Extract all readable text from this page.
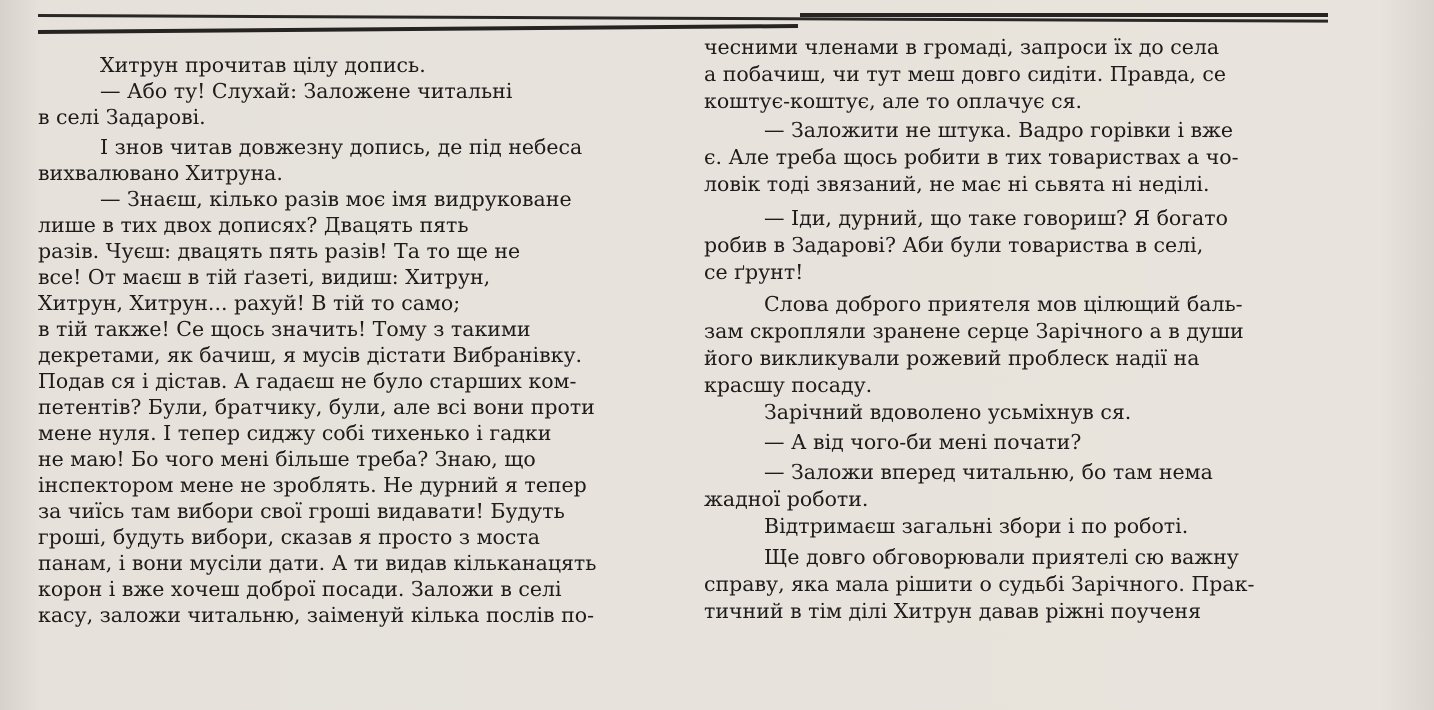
Хитрун прочитав цілу допись.
— Або ту! Слухай: Заложене читальні
в селі Задарові.
І знов читав довжезну допись, де під небеса
вихвалювано Хитруна.
— Знаєш, кілько разів моє імя видруковане
лише в тих двох дописях? Двацять пять
разів. Чуєш: двацять пять разів! Та то ще не
все! От маєш в тій ґазеті, видиш: Хитрун,
Хитрун, Хитрун... рахуй! В тій то само;
в тій также! Се щось значить! Тому з такими
декретами, як бачиш, я мусів дістати Вибранівку.
Подав ся і дістав. А гадаєш не було старших ком-
петентів? Були, братчику, були, але всі вони проти
мене нуля. І тепер сиджу собі тихенько і гадки
не маю! Бо чого мені більше треба? Знаю, що
інспектором мене не зроблять. Не дурний я тепер
за чиїсь там вибори свої гроші видавати! Будуть
гроші, будуть вибори, сказав я просто з моста
панам, і вони мусіли дати. А ти видав кільканацять
корон і вже хочеш доброї посади. Заложи в селі
касу, заложи читальню, заіменуй кілька послів по-
чесними членами в громаді, запроси їх до села
а побачиш, чи тут меш довго сидіти. Правда, се
коштує-коштує, але то оплачує ся.
— Заложити не штука. Вадро горівки і вже
є. Але треба щось робити в тих товариствах а чо-
ловік тоді звязаний, не має ні сьвята ні неділі.
— Іди, дурний, що таке говориш? Я богато
робив в Задарові? Аби були товариства в селі,
се ґрунт!
Слова доброго приятеля мов цілющий баль-
зам скропляли зранене серце Зарічного а в души
його викликували рожевий проблеск надії на
красшу посаду.
Зарічний вдоволено усьміхнув ся.
— А від чого-би мені почати?
— Заложи вперед читальню, бо там нема
жадної роботи.
Відтримаєш загальні збори і по роботі.
Ще довго обговорювали приятелі сю важну
справу, яка мала рішити о судьбі Зарічного. Прак-
тичний в тім ділі Хитрун давав ріжні поученя
